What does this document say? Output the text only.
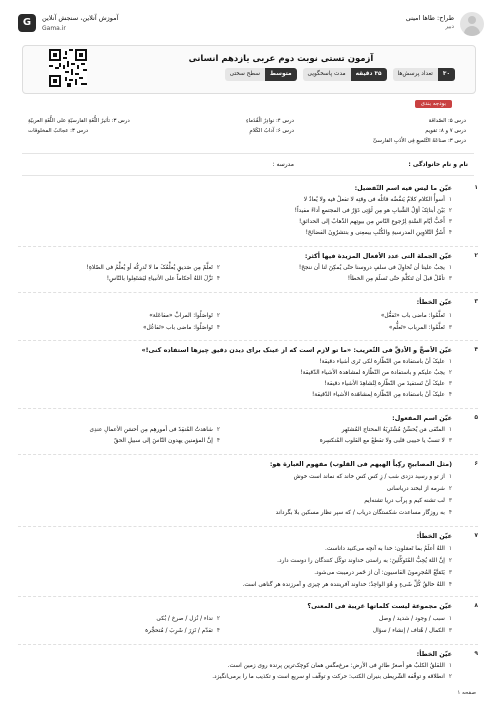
طراح: طاها امینی
دبیر
G	آموزش آنلاین، سنجش آنلاین
Gama.ir
آزمون تستی نوبت دوم عربی یازدهم انسانی
تعداد پرسش‌ها	۳۰
مدت پاسخگویی	۳۵ دقیقه
سطح سختی	متوسط
بودجه بندی
درس ۵: الصّداقة
درس ۴: نوادِرُ الْقُدَماءِ
درس ۳: تأثیرُ اللُّغَةِ الفارسیّةِ علی اللُّغَةِ العربیّةِ
درس ۷ و ۸: تقویم
درس ۶: آدابُ الکَلامِ
درس ۳: عجائبُ المخلوقات
درس ۳: صناعَةُ التَّلمیعِ فِی الأدَبِ الفارسیِّ
نام و نام خانوادگی :
مدرسه :
۱
عیّن ما لیس فیه اسم التّفضیل:
۱أسوأُ الکلام کلامٌ یَنقُضُه قائلُه فی وقتِه لا تفعلْ فیه ولا یُعادُ لا
۲بَیْنَ أبنائِکَ أوّلُ الشَّبابِ هو مِن لَوْتِی دَوْرٌ فی المجتمعِ أداءً مفیداً!
۳أَحَبُّ أیّام السَّنةِ لِرُجوعِ النّاسِ مِن بیوتِهم الذّهابُ إلی الحدائقِ!
۴أَشَرُّ التّلاوِینِ المدرسیةِ والکُتُبِ بیمعِنی و بنتشرُونَ الفضائحَ!
۲
عیّن الجملة التی عدد الأفعال المزیدة فیها أکثر:
۱یجبُ علینا أن نُحاوِلَ فی سلفٍ دروسنا حتّی یُمکِنَ لنا أن ننجحَ!
۲تَعلَّمْ مِن صَدیقٍ یُعلِّمُکَ ما لا تُدرِکُه أو یُعلِّمُ فی الصّلاةِ!
۳تأمَّلْ قبلَ أن تَتکلَّمَ حتّی تَسلَمَ مِن الخطأ!
۴نَزَّلَ اللهُ أحکاماً علی الأنبیاءِ لیَشتَغِلوا بالنّاسِ!
۳
عیّن الخطأ:
۱تَعلَّمُوا: ماضی باب «تَفعُّل»
۲تَواصَلُوا: المرابِّ «مفاعَلة»
۳تَعلَّمُوا: المرباب «تَعلُّم»
۴تَواصَلُوا: ماضی باب «تَفاعُل»
۴
عیّن الأصحَّ و الأدقَّ فی التّعریب: «ما تو لازم است که از عینک برای دیدن دقیق چیزها استفاده کنی!»
۱علیکَ أنْ باستفادة من النّظّارة لکی تَرى أشیاء دقیقة!
۲یجبُ علیکم و باستفادة من النّظّارة لمشاهدة الأشیاء الدّقیقة!
۳علیکَ أنْ تَستفیدَ من النّظّارة لِتُشاهِدَ الأشیاء دقیقة!
۴علیکَ أنْ باستفادة مِن النّظّارة لِمشاهَدة الأشیاء الدّقیقة!
۵
عیّن اسم المفعول:
۱المتّقی مَن یُحسِّنُ مُشْتَرِیَهُ المحتاج المُشتَهِر
۲شاهدتُ المُنقِذَ فی أمورهِم مِن أحسَنِ الأعمالِ عندِی
۳لا تسبّ یا حبیبی قلبی ولا تقطعْ مع القلوب المُنکسِرة
۴إنَّ المؤمنین یهدون النّاسَ إلی سبیلِ الحقّ
۶
(مثل المصابیحِ رکِباً الهیهم فی القلوب) مفهوم العبارة هو:
۱از تو و رسید دزدی شب / زِ کس کس خاند که نماند است خوش
۲شرمه از لبخند دریاسانی
۳لب تشنه کیم و پرآب دریا تشنه‌ایم
۴به روزگار مساعدت شکستگان دریاب / که سپر نظار مسکین بلا بگرداند
۷
عیّن الخطأ:
۱اللهُ أعلَمُ بما تَعمَلون: خدا به آنچه می‌کنید داناست.
۲إنَّ اللهَ یُحِبُّ المُتَوکِّلینَ: به راستی خداوند توکّل کنندگان را دوست دارد.
۳یَتَمَتَّعُ المُجرِمونَ القاسیون: آن از خَمر درمیبت می‌شود.
۴اللهُ خالقُ کُلِّ شَیءٍ و هُوَ الواحِدُ: خداوند آفریننده هر چیزی و آمرزنده هر گناهی است.
۸
عیّن مجموعة لیست کلماتها غریبة فی المعنی؟
۱سبب / وجود / شدید / وصل
۲نداء / نُزل / صرخ / بُکی
۳الکمال / هُتاف / إنشاء / سؤال
۴تقدّم / نَزِرَ / شَرِبَ / مُتحجِّرة
۹
عیّن الخطأ:
۱اللقلقُ الکلبُ هو أصغرُ طائرٍ فی الأرض: مرغ‌مگس همان کوچک‌ترین پرنده روی زمین است.
۲انطلاقه و توقّفه الشّریطی بنیران الکتب: حرکت و توقّف او سریع است و تکذیب ما را برمی‌انگیزد.
صفحه ۱
